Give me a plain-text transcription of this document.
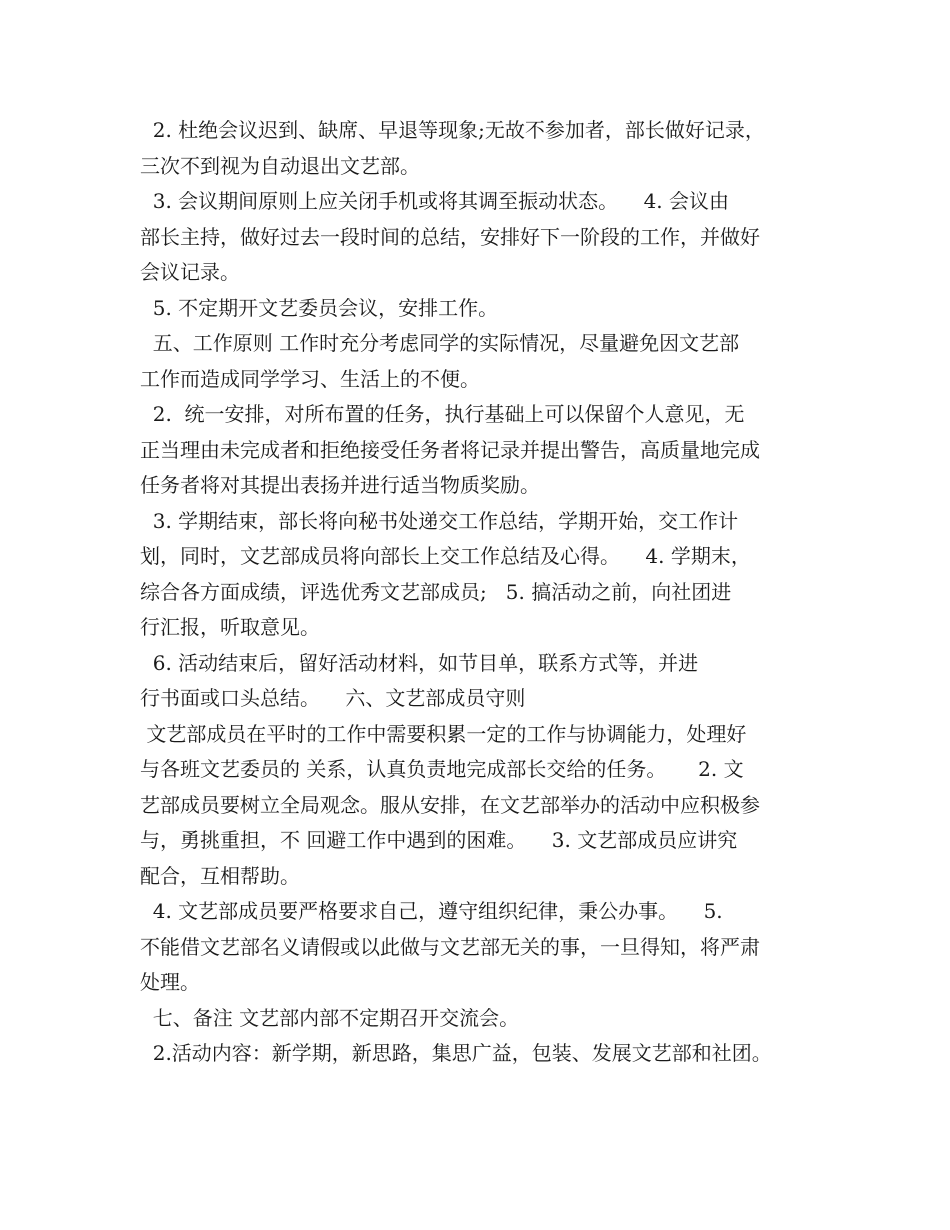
2. 杜绝会议迟到、缺席、早退等现象;无故不参加者，部长做好记录，
三次不到视为自动退出文艺部。
3. 会议期间原则上应关闭手机或将其调至振动状态。    4. 会议由
部长主持，做好过去一段时间的总结，安排好下一阶段的工作，并做好
会议记录。
5. 不定期开文艺委员会议，安排工作。
五、工作原则 工作时充分考虑同学的实际情况，尽量避免因文艺部
工作而造成同学学习、生活上的不便。
2.  统一安排，对所布置的任务，执行基础上可以保留个人意见，无
正当理由未完成者和拒绝接受任务者将记录并提出警告，高质量地完成
任务者将对其提出表扬并进行适当物质奖励。
3. 学期结束，部长将向秘书处递交工作总结，学期开始，交工作计
划，同时，文艺部成员将向部长上交工作总结及心得。    4. 学期末，
综合各方面成绩，评选优秀文艺部成员;   5. 搞活动之前，向社团进
行汇报，听取意见。
6. 活动结束后，留好活动材料，如节目单，联系方式等，并进
行书面或口头总结。    六、文艺部成员守则
文艺部成员在平时的工作中需要积累一定的工作与协调能力，处理好
与各班文艺委员的 关系，认真负责地完成部长交给的任务。     2. 文
艺部成员要树立全局观念。服从安排，在文艺部举办的活动中应积极参
与，勇挑重担，不 回避工作中遇到的困难。    3. 文艺部成员应讲究
配合，互相帮助。
4. 文艺部成员要严格要求自己，遵守组织纪律，秉公办事。    5.
不能借文艺部名义请假或以此做与文艺部无关的事，一旦得知，将严肃
处理。
七、备注 文艺部内部不定期召开交流会。
2.活动内容：新学期，新思路，集思广益，包装、发展文艺部和社团。
